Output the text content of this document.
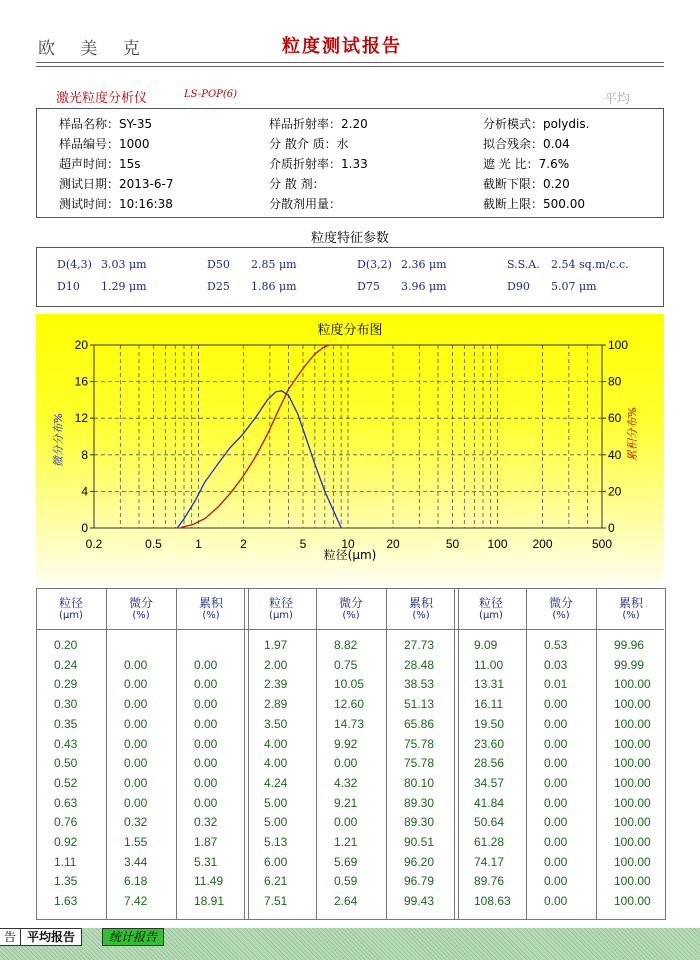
欧 美 克	粒度测试报告
激光粒度分析仪	LS-POP(6)	平均
样品名称：SY-35	样品折射率：2.20	分析模式：polydis.
样品编号：1000	分 散介 质：水	拟合残余：0.04
超声时间：15s	介质折射率：1.33	遮 光 比：7.6%
测试日期：2013-6-7	分 散 剂：	截断下限：0.20
测试时间：10:16:38	分散剂用量：	截断上限：500.00
粒度特征参数
D(4,3) 3.03 μm	D50 2.85 μm	D(3,2) 2.36 μm	S.S.A. 2.54 sq.m/c.c.
D10 1.29 μm	D25 1.86 μm	D75 3.96 μm	D90 5.07 μm
粒度分布图
0.2	0.5	1	2	5	10	20	50 100 200	500
0
4
8
12
16
20
0
20
40
60
80
100
粒径(μm)
微分分布%	累积分布%
粒径
(μm)
微分
(%)
累积
(%)
0.20
0.24	0.00	0.00
0.29	0.00	0.00
0.30	0.00	0.00
0.35	0.00	0.00
0.43	0.00	0.00
0.50	0.00	0.00
0.52	0.00	0.00
0.63	0.00	0.00
0.76	0.32	0.32
0.92	1.55	1.87
1.11	3.44	5.31
1.35	6.18	11.49
1.63	7.42	18.91
粒径
(μm)
微分
(%)
累积
(%)
1.97	8.82	27.73
2.00	0.75	28.48
2.39	10.05	38.53
2.89	12.60	51.13
3.50	14.73	65.86
4.00	9.92	75.78
4.00	0.00	75.78
4.24	4.32	80.10
5.00	9.21	89.30
5.00	0.00	89.30
5.13	1.21	90.51
6.00	5.69	96.20
6.21	0.59	96.79
7.51	2.64	99.43
粒径
(μm)
微分
(%)
累积
(%)
9.09	0.53	99.96
11.00	0.03	99.99
13.31	0.01	100.00
16.11	0.00	100.00
19.50	0.00	100.00
23.60	0.00	100.00
28.56	0.00	100.00
34.57	0.00	100.00
41.84	0.00	100.00
50.64	0.00	100.00
61.28	0.00	100.00
74.17	0.00	100.00
89.76	0.00	100.00
108.63	0.00	100.00
告 平均报告	统计报告
